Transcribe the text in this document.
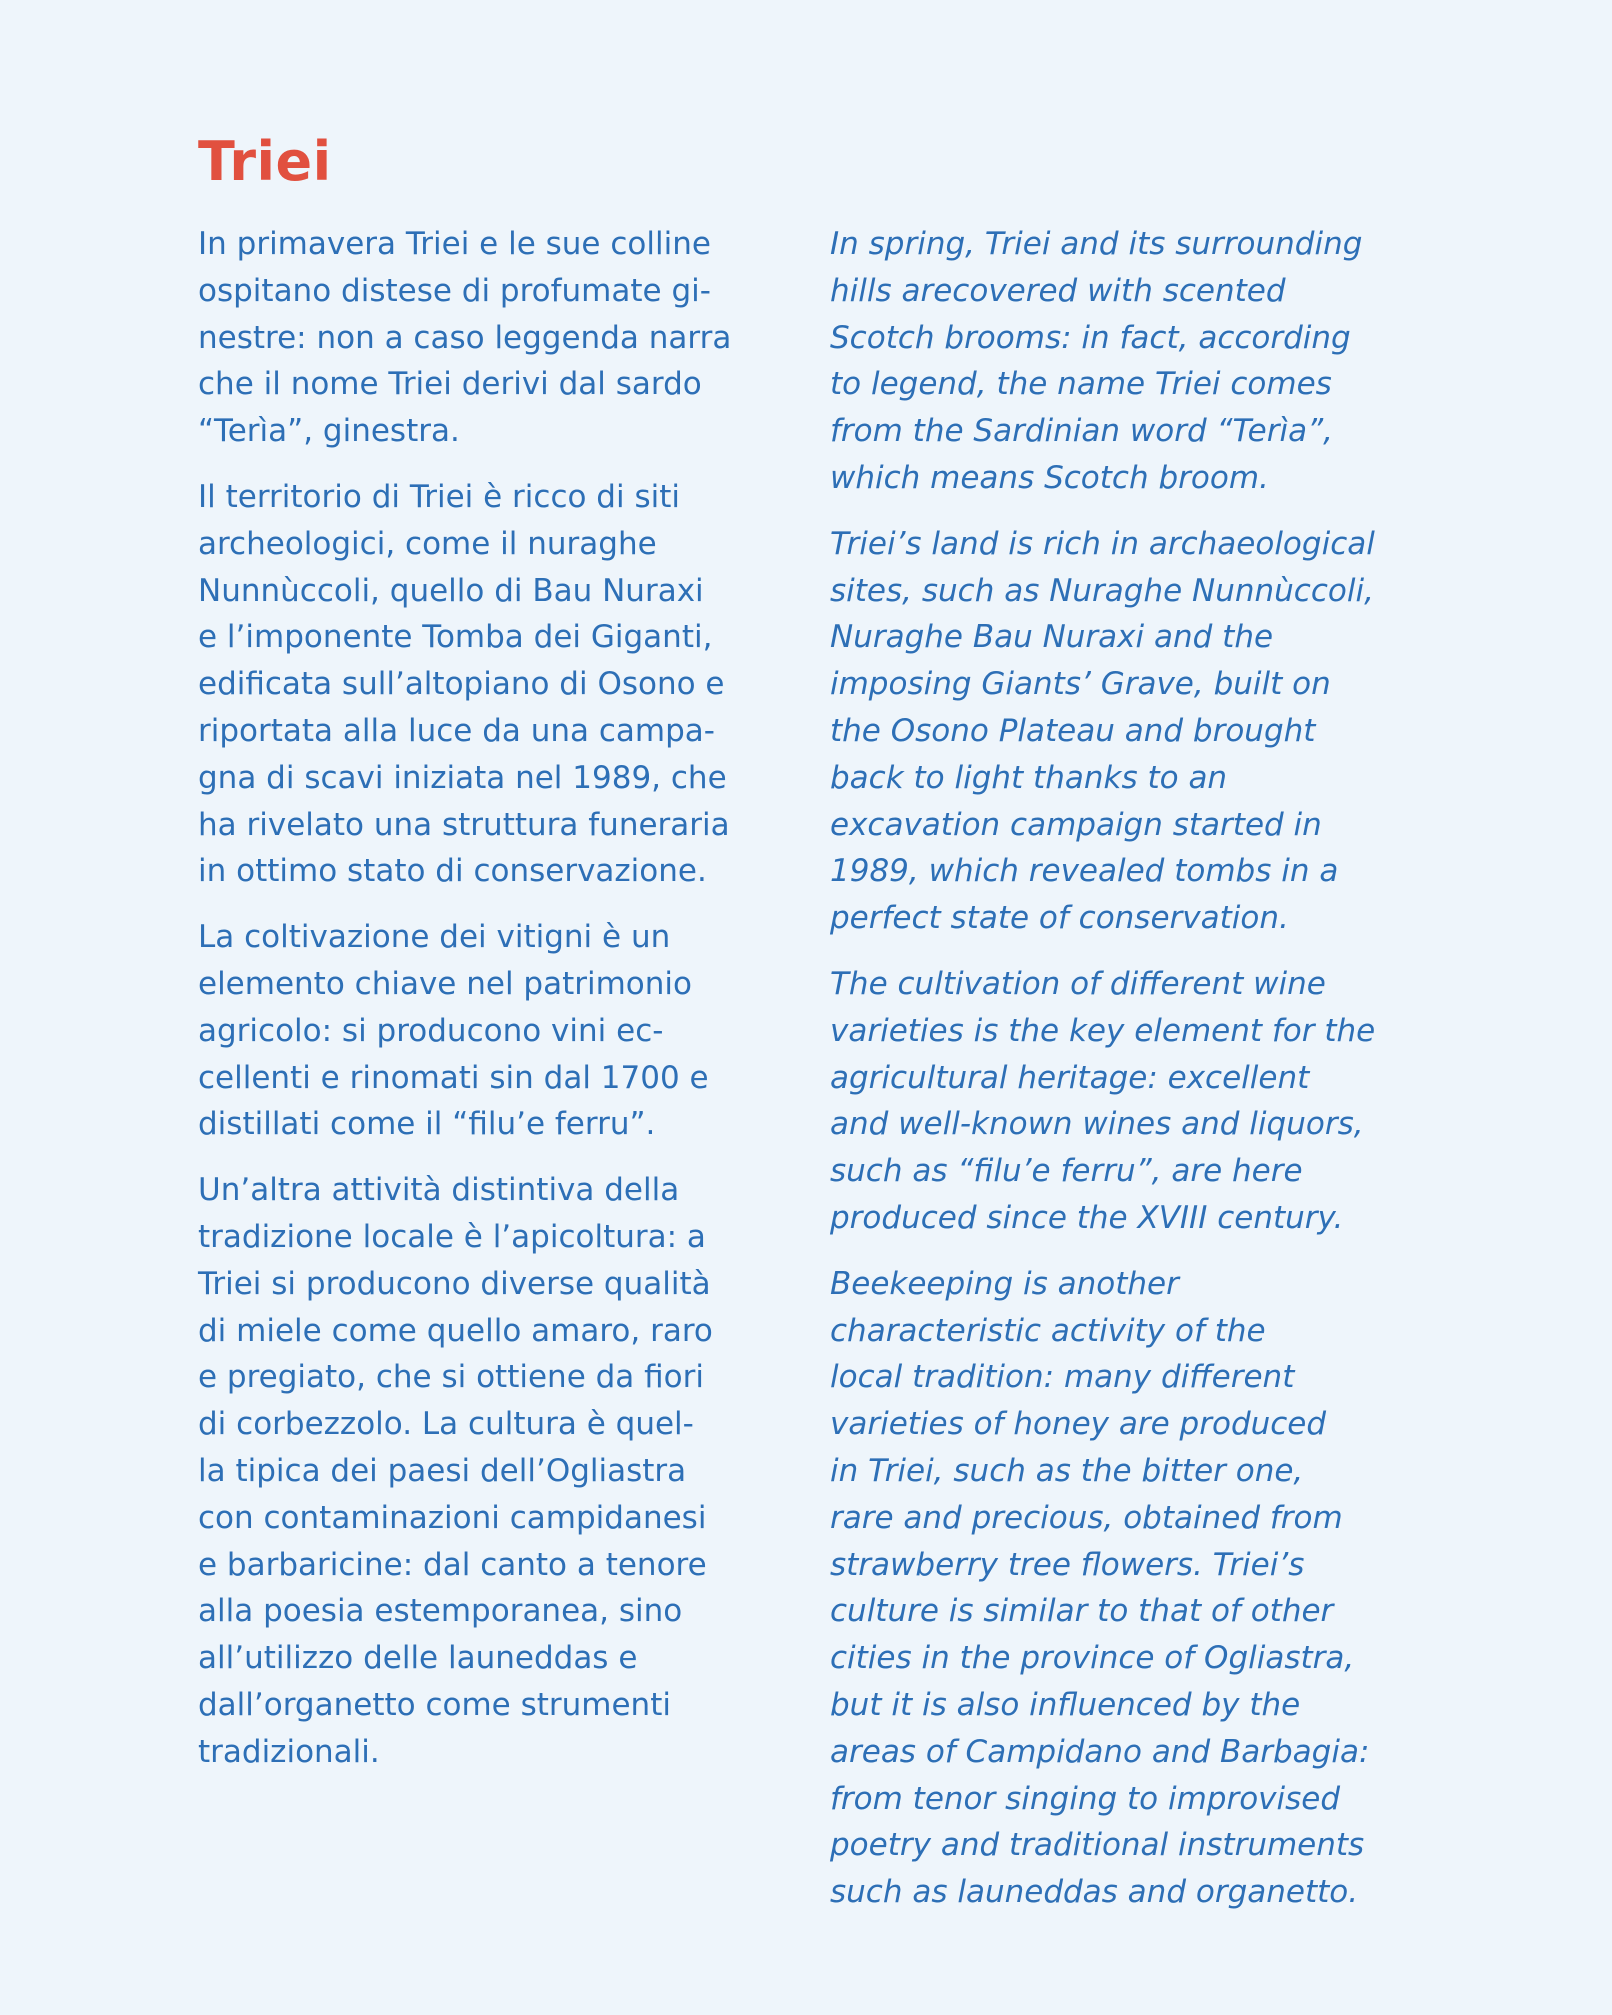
Triei

In primavera Triei e le sue colline
ospitano distese di profumate gi-
nestre: non a caso leggenda narra
che il nome Triei derivi dal sardo
“Terìa”, ginestra.

Il territorio di Triei è ricco di siti
archeologici, come il nuraghe
Nunnùccoli, quello di Bau Nuraxi
e l’imponente Tomba dei Giganti,
edificata sull’altopiano di Osono e
riportata alla luce da una campa-
gna di scavi iniziata nel 1989, che
ha rivelato una struttura funeraria
in ottimo stato di conservazione.

La coltivazione dei vitigni è un
elemento chiave nel patrimonio
agricolo: si producono vini ec-
cellenti e rinomati sin dal 1700 e
distillati come il “filu’e ferru”.

Un’altra attività distintiva della
tradizione locale è l’apicoltura: a
Triei si producono diverse qualità
di miele come quello amaro, raro
e pregiato, che si ottiene da fiori
di corbezzolo. La cultura è quel-
la tipica dei paesi dell’Ogliastra
con contaminazioni campidanesi
e barbaricine: dal canto a tenore
alla poesia estemporanea, sino
all’utilizzo delle launeddas e
dall’organetto come strumenti
tradizionali.

In spring, Triei and its surrounding
hills arecovered with scented
Scotch brooms: in fact, according
to legend, the name Triei comes
from the Sardinian word “Terìa”,
which means Scotch broom.

Triei’s land is rich in archaeological
sites, such as Nuraghe Nunnùccoli,
Nuraghe Bau Nuraxi and the
imposing Giants’ Grave, built on
the Osono Plateau and brought
back to light thanks to an
excavation campaign started in
1989, which revealed tombs in a
perfect state of conservation.

The cultivation of different wine
varieties is the key element for the
agricultural heritage: excellent
and well-known wines and liquors,
such as “filu’e ferru”, are here
produced since the XVIII century.

Beekeeping is another
characteristic activity of the
local tradition: many different
varieties of honey are produced
in Triei, such as the bitter one,
rare and precious, obtained from
strawberry tree flowers. Triei’s
culture is similar to that of other
cities in the province of Ogliastra,
but it is also influenced by the
areas of Campidano and Barbagia:
from tenor singing to improvised
poetry and traditional instruments
such as launeddas and organetto.
